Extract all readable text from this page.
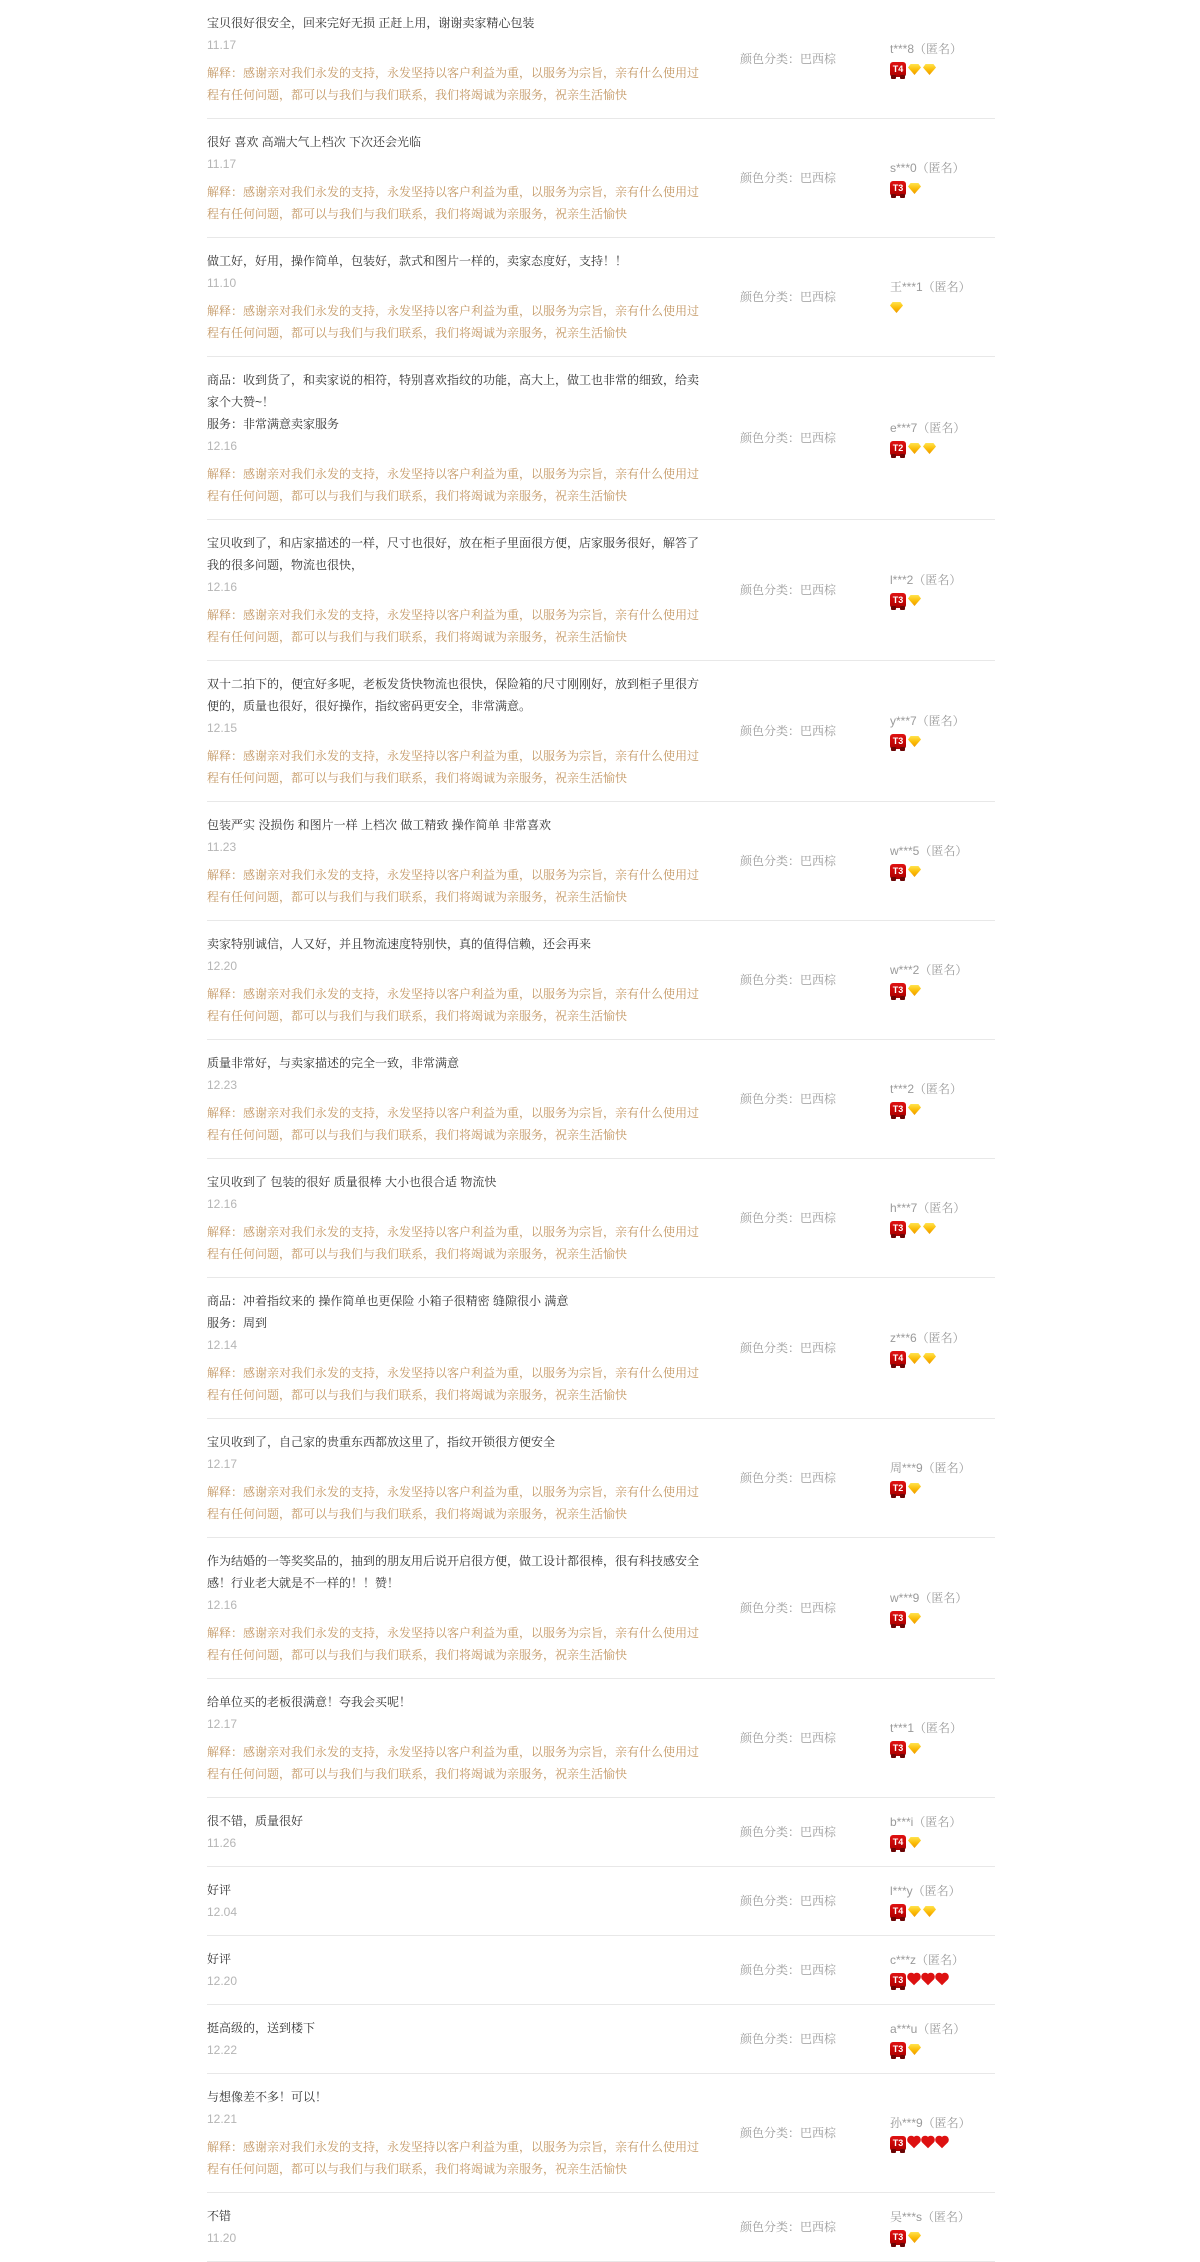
宝贝很好很安全，回来完好无损 正赶上用，谢谢卖家精心包装
11.17
解释：感谢亲对我们永发的支持，永发坚持以客户利益为重，以服务为宗旨，亲有什么使用过程有任何问题，都可以与我们与我们联系，我们将竭诚为亲服务，祝亲生活愉快
颜色分类：巴西棕
t***8（匿名）
T4
很好 喜欢 高端大气上档次 下次还会光临
11.17
解释：感谢亲对我们永发的支持，永发坚持以客户利益为重，以服务为宗旨，亲有什么使用过程有任何问题，都可以与我们与我们联系，我们将竭诚为亲服务，祝亲生活愉快
颜色分类：巴西棕
s***0（匿名）
T3
做工好，好用，操作简单，包装好，款式和图片一样的，卖家态度好，支持！！
11.10
解释：感谢亲对我们永发的支持，永发坚持以客户利益为重，以服务为宗旨，亲有什么使用过程有任何问题，都可以与我们与我们联系，我们将竭诚为亲服务，祝亲生活愉快
颜色分类：巴西棕
王***1（匿名）
商品：收到货了，和卖家说的相符，特别喜欢指纹的功能，高大上，做工也非常的细致，给卖家个大赞~！
服务：非常满意卖家服务
12.16
解释：感谢亲对我们永发的支持，永发坚持以客户利益为重，以服务为宗旨，亲有什么使用过程有任何问题，都可以与我们与我们联系，我们将竭诚为亲服务，祝亲生活愉快
颜色分类：巴西棕
e***7（匿名）
T2
宝贝收到了，和店家描述的一样，尺寸也很好，放在柜子里面很方便，店家服务很好，解答了我的很多问题，物流也很快，
12.16
解释：感谢亲对我们永发的支持，永发坚持以客户利益为重，以服务为宗旨，亲有什么使用过程有任何问题，都可以与我们与我们联系，我们将竭诚为亲服务，祝亲生活愉快
颜色分类：巴西棕
l***2（匿名）
T3
双十二拍下的，便宜好多呢，老板发货快物流也很快，保险箱的尺寸刚刚好，放到柜子里很方便的，质量也很好，很好操作，指纹密码更安全，非常满意。
12.15
解释：感谢亲对我们永发的支持，永发坚持以客户利益为重，以服务为宗旨，亲有什么使用过程有任何问题，都可以与我们与我们联系，我们将竭诚为亲服务，祝亲生活愉快
颜色分类：巴西棕
y***7（匿名）
T3
包装严实 没损伤 和图片一样 上档次 做工精致 操作简单 非常喜欢
11.23
解释：感谢亲对我们永发的支持，永发坚持以客户利益为重，以服务为宗旨，亲有什么使用过程有任何问题，都可以与我们与我们联系，我们将竭诚为亲服务，祝亲生活愉快
颜色分类：巴西棕
w***5（匿名）
T3
卖家特别诚信，人又好，并且物流速度特别快，真的值得信赖，还会再来
12.20
解释：感谢亲对我们永发的支持，永发坚持以客户利益为重，以服务为宗旨，亲有什么使用过程有任何问题，都可以与我们与我们联系，我们将竭诚为亲服务，祝亲生活愉快
颜色分类：巴西棕
w***2（匿名）
T3
质量非常好，与卖家描述的完全一致，非常满意
12.23
解释：感谢亲对我们永发的支持，永发坚持以客户利益为重，以服务为宗旨，亲有什么使用过程有任何问题，都可以与我们与我们联系，我们将竭诚为亲服务，祝亲生活愉快
颜色分类：巴西棕
t***2（匿名）
T3
宝贝收到了 包装的很好 质量很棒 大小也很合适 物流快
12.16
解释：感谢亲对我们永发的支持，永发坚持以客户利益为重，以服务为宗旨，亲有什么使用过程有任何问题，都可以与我们与我们联系，我们将竭诚为亲服务，祝亲生活愉快
颜色分类：巴西棕
h***7（匿名）
T3
商品：冲着指纹来的 操作简单也更保险 小箱子很精密 缝隙很小 满意
服务：周到
12.14
解释：感谢亲对我们永发的支持，永发坚持以客户利益为重，以服务为宗旨，亲有什么使用过程有任何问题，都可以与我们与我们联系，我们将竭诚为亲服务，祝亲生活愉快
颜色分类：巴西棕
z***6（匿名）
T4
宝贝收到了，自己家的贵重东西都放这里了，指纹开锁很方便安全
12.17
解释：感谢亲对我们永发的支持，永发坚持以客户利益为重，以服务为宗旨，亲有什么使用过程有任何问题，都可以与我们与我们联系，我们将竭诚为亲服务，祝亲生活愉快
颜色分类：巴西棕
周***9（匿名）
T2
作为结婚的一等奖奖品的，抽到的朋友用后说开启很方便，做工设计都很棒，很有科技感安全感！行业老大就是不一样的！！赞！
12.16
解释：感谢亲对我们永发的支持，永发坚持以客户利益为重，以服务为宗旨，亲有什么使用过程有任何问题，都可以与我们与我们联系，我们将竭诚为亲服务，祝亲生活愉快
颜色分类：巴西棕
w***9（匿名）
T3
给单位买的老板很满意！夸我会买呢！
12.17
解释：感谢亲对我们永发的支持，永发坚持以客户利益为重，以服务为宗旨，亲有什么使用过程有任何问题，都可以与我们与我们联系，我们将竭诚为亲服务，祝亲生活愉快
颜色分类：巴西棕
t***1（匿名）
T3
很不错，质量很好
11.26
颜色分类：巴西棕
b***i（匿名）
T4
好评
12.04
颜色分类：巴西棕
l***y（匿名）
T4
好评
12.20
颜色分类：巴西棕
c***z（匿名）
T3
挺高级的，送到楼下
12.22
颜色分类：巴西棕
a***u（匿名）
T3
与想像差不多！可以！
12.21
解释：感谢亲对我们永发的支持，永发坚持以客户利益为重，以服务为宗旨，亲有什么使用过程有任何问题，都可以与我们与我们联系，我们将竭诚为亲服务，祝亲生活愉快
颜色分类：巴西棕
孙***9（匿名）
T3
不错
11.20
颜色分类：巴西棕
吴***s（匿名）
T3
